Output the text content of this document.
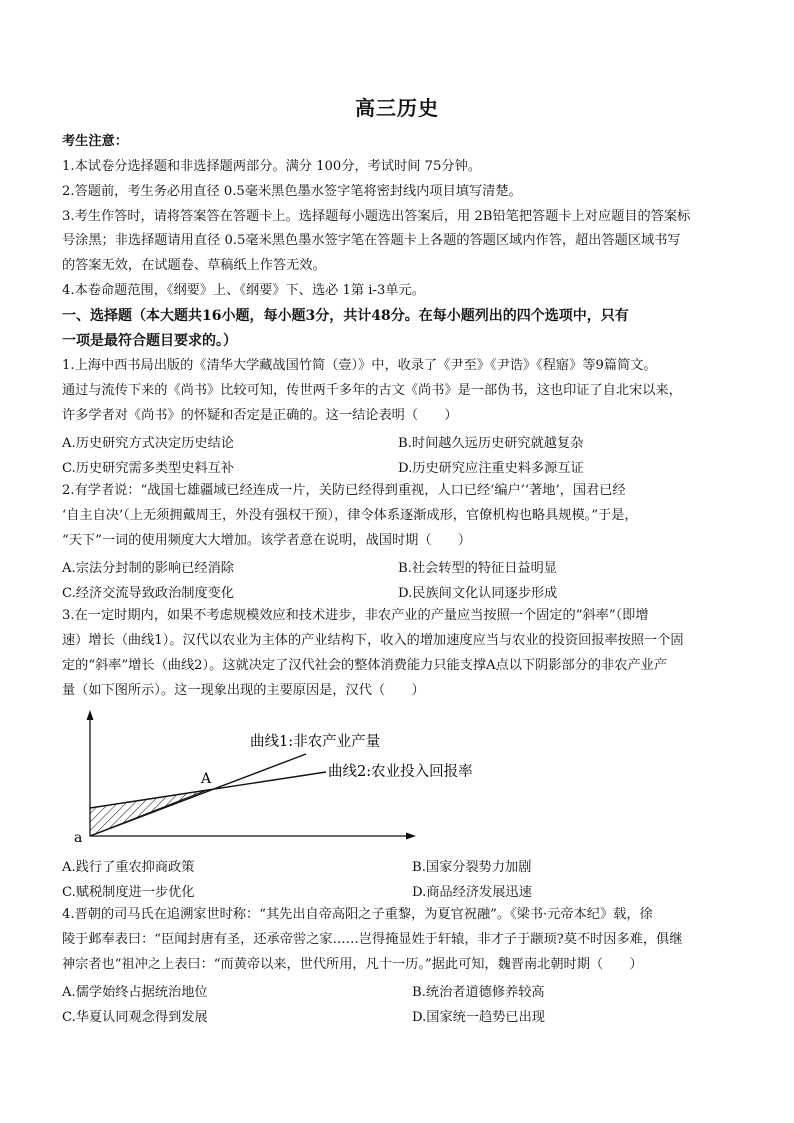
高三历史
考生注意：
1.本试卷分选择题和非选择题两部分。满分 100分，考试时间 75分钟。
2.答题前，考生务必用直径 0.5毫米黑色墨水签字笔将密封线内项目填写清楚。
3.考生作答时，请将答案答在答题卡上。选择题每小题选出答案后，用 2B铅笔把答题卡上对应题目的答案标
号涂黑；非选择题请用直径 0.5毫米黑色墨水签字笔在答题卡上各题的答题区域内作答，超出答题区域书写
的答案无效，在试题卷、草稿纸上作答无效。
4.本卷命题范围，《纲要》上、《纲要》下、选必 1第 i-3单元。
一、选择题（本大题共16小题，每小题3分，共计48分。在每小题列出的四个选项中，只有
一项是最符合题目要求的。）
1.上海中西书局出版的《清华大学藏战国竹简（壹）》中，收录了《尹至》《尹诰》《程寤》等9篇简文。
通过与流传下来的《尚书》比较可知，传世两千多年的古文《尚书》是一部伪书，这也印证了自北宋以来，
许多学者对《尚书》的怀疑和否定是正确的。这一结论表明（　　）
A.历史研究方式决定历史结论	B.时间越久远历史研究就越复杂
C.历史研究需多类型史料互补	D.历史研究应注重史料多源互证
2.有学者说：“战国七雄疆域已经连成一片，关防已经得到重视，人口已经‘编户’‘著地’，国君已经
‘自主自决’（上无须拥戴周王，外没有强权干预），律令体系逐渐成形，官僚机构也略具规模。”于是，
“天下”一词的使用频度大大增加。该学者意在说明，战国时期（　　）
A.宗法分封制的影响已经消除	B.社会转型的特征日益明显
C.经济交流导致政治制度变化	D.民族间文化认同逐步形成
3.在一定时期内，如果不考虑规模效应和技术进步，非农产业的产量应当按照一个固定的“斜率”（即增
速）增长（曲线1）。汉代以农业为主体的产业结构下，收入的增加速度应当与农业的投资回报率按照一个固
定的“斜率”增长（曲线2）。这就决定了汉代社会的整体消费能力只能支撑A点以下阴影部分的非农产业产
量（如下图所示）。这一现象出现的主要原因是，汉代（　　）
曲线1:非农产业产量
曲线2:农业投入回报率
A
a
A.践行了重农抑商政策	B.国家分裂势力加剧
C.赋税制度进一步优化	D.商品经济发展迅速
4.晋朝的司马氏在追溯家世时称：“其先出自帝高阳之子重黎，为夏官祝融”。《梁书·元帝本纪》载，徐
陵于邺奉表曰：“臣闻封唐有圣，还承帝喾之家……岂得掩显姓于轩辕，非才子于颛顼?莫不时因多难，俱继
神宗者也”祖冲之上表曰：“而黄帝以来，世代所用，凡十一历。”据此可知，魏晋南北朝时期（　　）
A.儒学始终占据统治地位	B.统治者道德修养较高
C.华夏认同观念得到发展	D.国家统一趋势已出现
